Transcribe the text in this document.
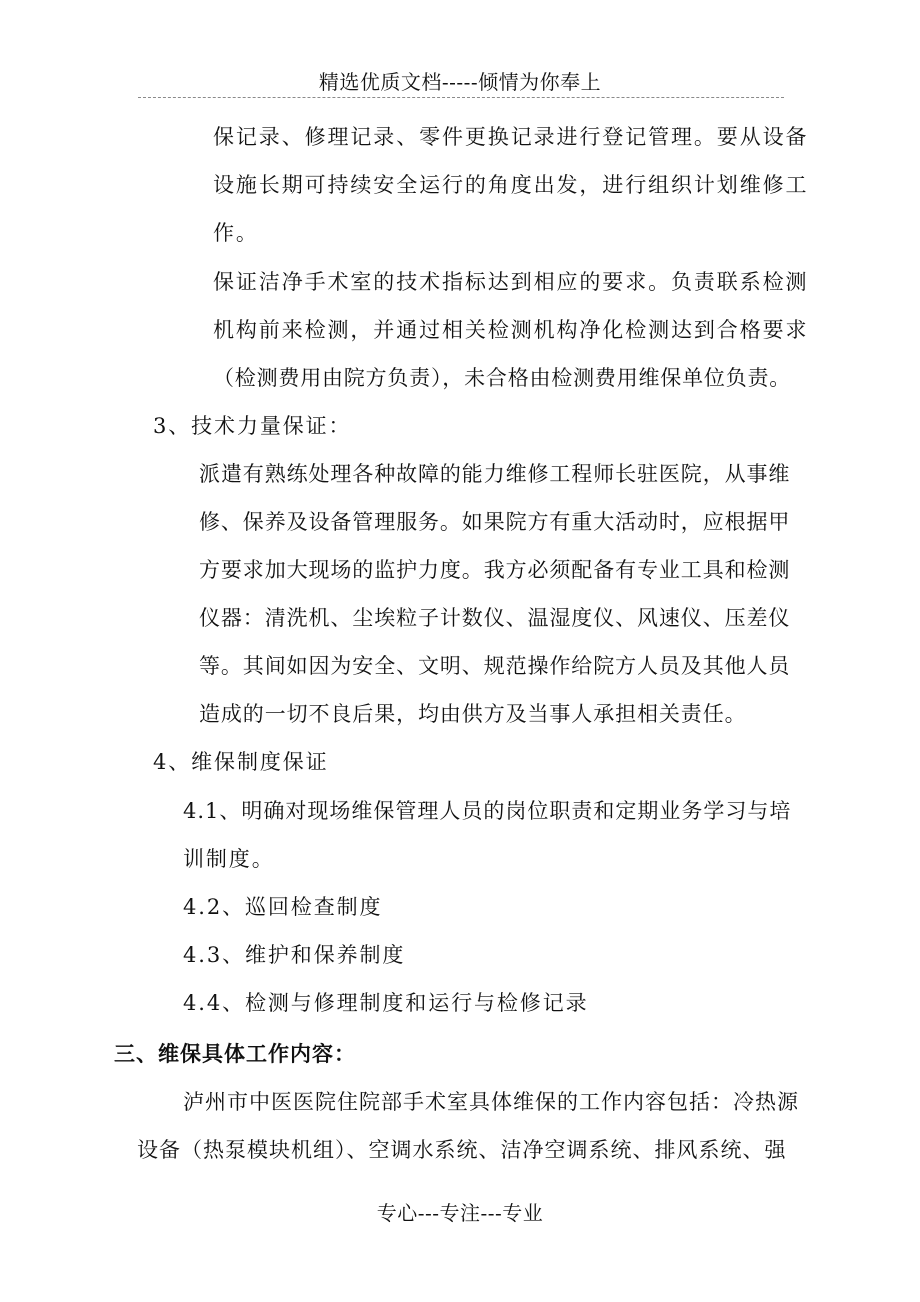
精选优质文档-----倾情为你奉上
保记录、修理记录、零件更换记录进行登记管理。要从设备
设施长期可持续安全运行的角度出发，进行组织计划维修工
作。
保证洁净手术室的技术指标达到相应的要求。负责联系检测
机构前来检测，并通过相关检测机构净化检测达到合格要求
（检测费用由院方负责），未合格由检测费用维保单位负责。
3、技术力量保证：
派遣有熟练处理各种故障的能力维修工程师长驻医院，从事维
修、保养及设备管理服务。如果院方有重大活动时，应根据甲
方要求加大现场的监护力度。我方必须配备有专业工具和检测
仪器：清洗机、尘埃粒子计数仪、温湿度仪、风速仪、压差仪
等。其间如因为安全、文明、规范操作给院方人员及其他人员
造成的一切不良后果，均由供方及当事人承担相关责任。
4、维保制度保证
4.1、明确对现场维保管理人员的岗位职责和定期业务学习与培
训制度。
4.2、巡回检查制度
4.3、维护和保养制度
4.4、检测与修理制度和运行与检修记录
三、维保具体工作内容：
泸州市中医医院住院部手术室具体维保的工作内容包括：冷热源
设备（热泵模块机组）、空调水系统、洁净空调系统、排风系统、强
专心---专注---专业
